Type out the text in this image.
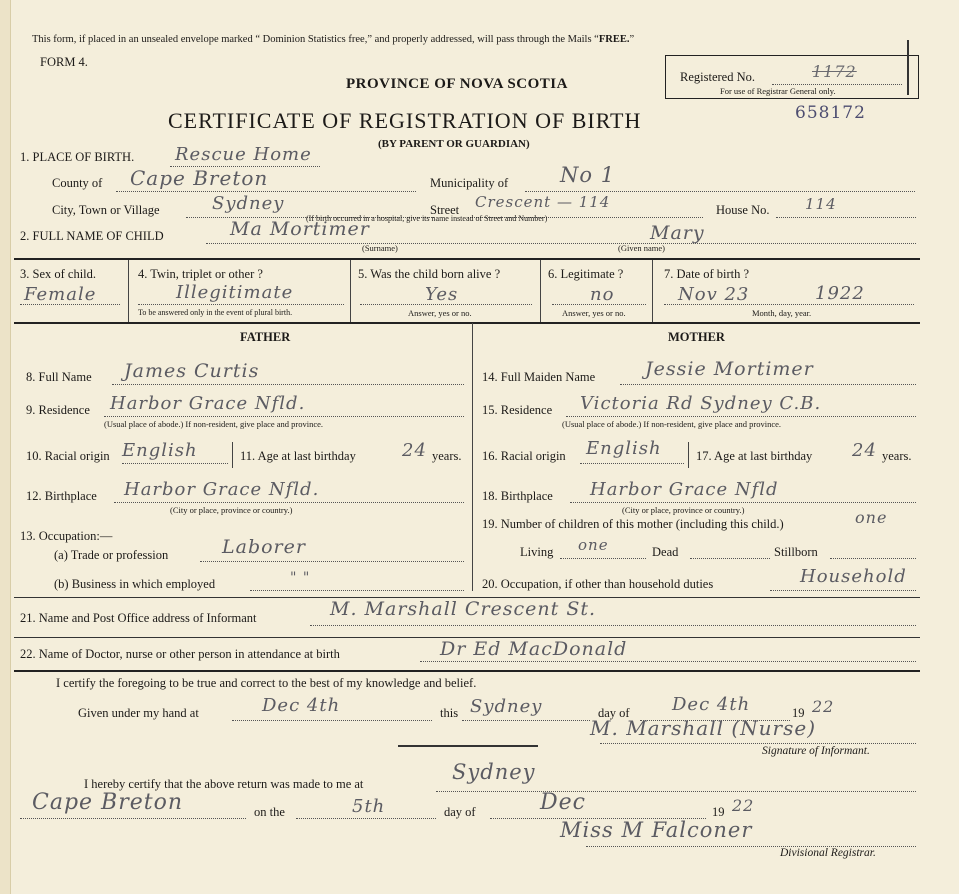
This form, if placed in an unsealed envelope marked “ Dominion Statistics free,” and properly addressed, will pass through the Mails “FREE.”
FORM 4.
PROVINCE OF NOVA SCOTIA	Registered No.	1172
For use of Registrar General only.
CERTIFICATE OF REGISTRATION OF BIRTH	658172
(BY PARENT OR GUARDIAN)
1. PLACE OF BIRTH. Rescue Home
County of Cape Breton	Municipality of No 1
City, Town or Village	Sydney	Street Crescent — 114
(If birth occurred in a hospital, give its name instead of Street and Number)
House No. 114
2. FULL NAME OF CHILD	Ma Mortimer	Mary
(Surname)	(Given name)
3. Sex of child.
Female
4. Twin, triplet or other ?
Illegitimate
To be answered only in the event of plural birth.
5. Was the child born alive ?
Yes
Answer, yes or no.
6. Legitimate ?
no
Answer, yes or no.
7. Date of birth ?
Nov 23	1922
Month, day, year.
FATHER	MOTHER
8. Full Name James Curtis
9. Residence Harbor Grace Nfld.
(Usual place of abode.) If non-resident, give place and province.
10. Racial origin English	11. Age at last birthday	24 years.
12. Birthplace Harbor Grace Nfld.
(City or place, province or country.)
13. Occupation:—
(a) Trade or profession	Laborer
(b) Business in which employed	" "
14. Full Maiden Name	Jessie Mortimer
15. Residence Victoria Rd Sydney C.B.
(Usual place of abode.) If non-resident, give place and province.
16. Racial origin English	17. Age at last birthday 24 years.
18. Birthplace Harbor Grace Nfld
(City or place, province or country.)
19. Number of children of this mother (including this child.)	one
Living one	Dead	Stillborn
20. Occupation, if other than household duties	Household
21. Name and Post Office address of Informant	M. Marshall Crescent St.
22. Name of Doctor, nurse or other person in attendance at birth	Dr Ed MacDonald
I certify the foregoing to be true and correct to the best of my knowledge and belief.
Given under my hand at	Dec 4th	this Sydney	day of Dec 4th	19 22
M. Marshall (Nurse)
Signature of Informant.
I hereby certify that the above return was made to me at	Sydney
Cape Breton	on the	5th	day of	Dec	19 22
Miss M Falconer
Divisional Registrar.
